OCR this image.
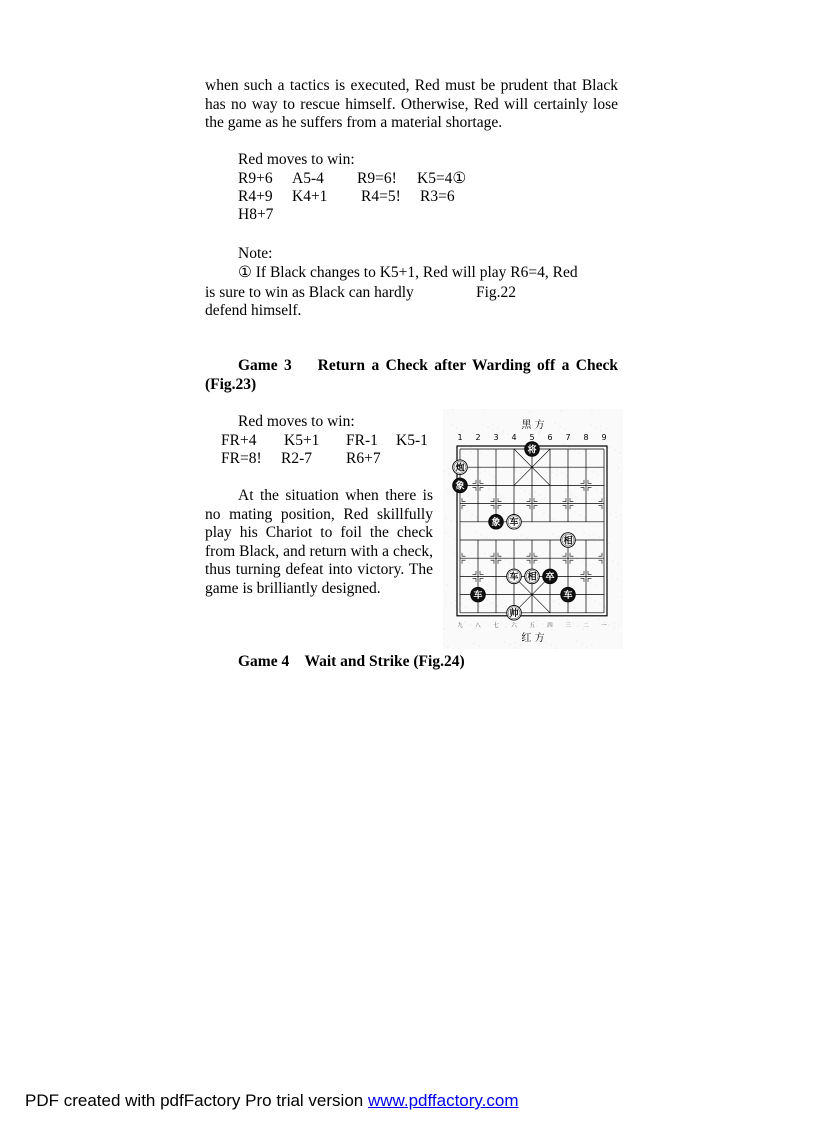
when such a tactics is executed, Red must be prudent that Black has no way to rescue himself. Otherwise, Red will certainly lose the game as he suffers from a material shortage.
Red moves to win:
R9+6 A5-4 R9=6! K5=4①
R4+9 K4+1 R4=5! R3=6
H8+7
Note:
① If Black changes to K5+1, Red will play R6=4, Red
is sure to win as Black can hardly	Fig.22
defend himself.
Game 3    Return a Check after Warding off a Check
(Fig.23)
Red moves to win:
FR+4 K5+1 FR-1 K5-1
FR=8! R2-7 R6+7
At the situation when there is no mating position, Red skillfully play his Chariot to foil the check from Black, and return with a check, thus turning defeat into victory. The game is brilliantly designed.
黑 方
1 2 3 4 5 6 7 8 9
将
炮
象
象 车
相
车 相 卒
车	车
帅
九 八 七 六 五 四 三 二 一
红 方
Game 4    Wait and Strike (Fig.24)
PDF created with pdfFactory Pro trial version www.pdffactory.com
